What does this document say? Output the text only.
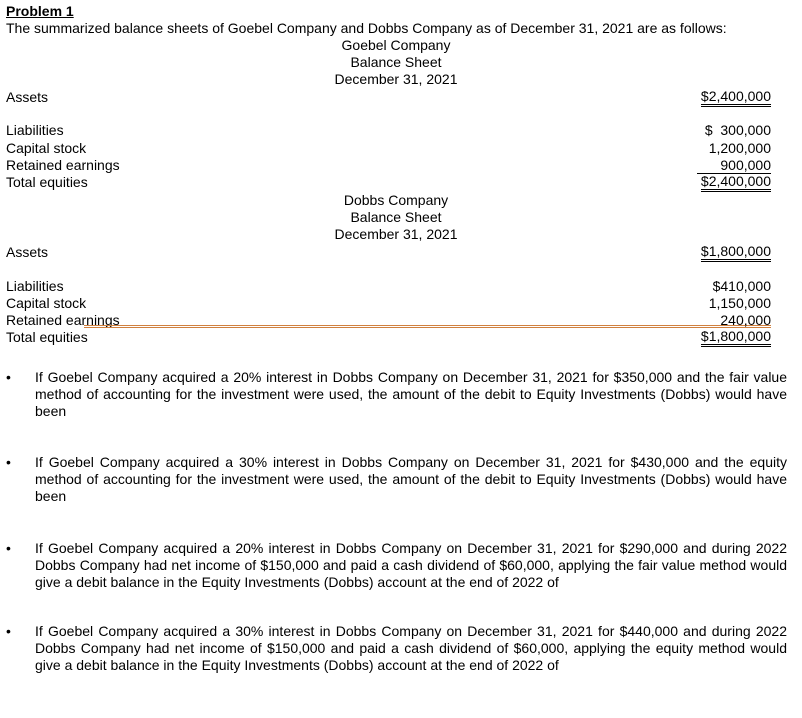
Problem 1
The summarized balance sheets of Goebel Company and Dobbs Company as of December 31, 2021 are as follows:
Goebel Company
Balance Sheet
December 31, 2021
Assets	$2,400,000
Liabilities	$  300,000
Capital stock	1,200,000
Retained earnings	900,000
Total equities	$2,400,000
Dobbs Company
Balance Sheet
December 31, 2021
Assets	$1,800,000
Liabilities	$410,000
Capital stock	1,150,000
Retained earnings	240,000
Total equities	$1,800,000
• If Goebel Company acquired a 20% interest in Dobbs Company on December 31, 2021 for $350,000 and the fair value method of accounting for the investment were used, the amount of the debit to Equity Investments (Dobbs) would have been
• If Goebel Company acquired a 30% interest in Dobbs Company on December 31, 2021 for $430,000 and the equity method of accounting for the investment were used, the amount of the debit to Equity Investments (Dobbs) would have been
• If Goebel Company acquired a 20% interest in Dobbs Company on December 31, 2021 for $290,000 and during 2022 Dobbs Company had net income of $150,000 and paid a cash dividend of $60,000, applying the fair value method would give a debit balance in the Equity Investments (Dobbs) account at the end of 2022 of
• If Goebel Company acquired a 30% interest in Dobbs Company on December 31, 2021 for $440,000 and during 2022 Dobbs Company had net income of $150,000 and paid a cash dividend of $60,000, applying the equity method would give a debit balance in the Equity Investments (Dobbs) account at the end of 2022 of
